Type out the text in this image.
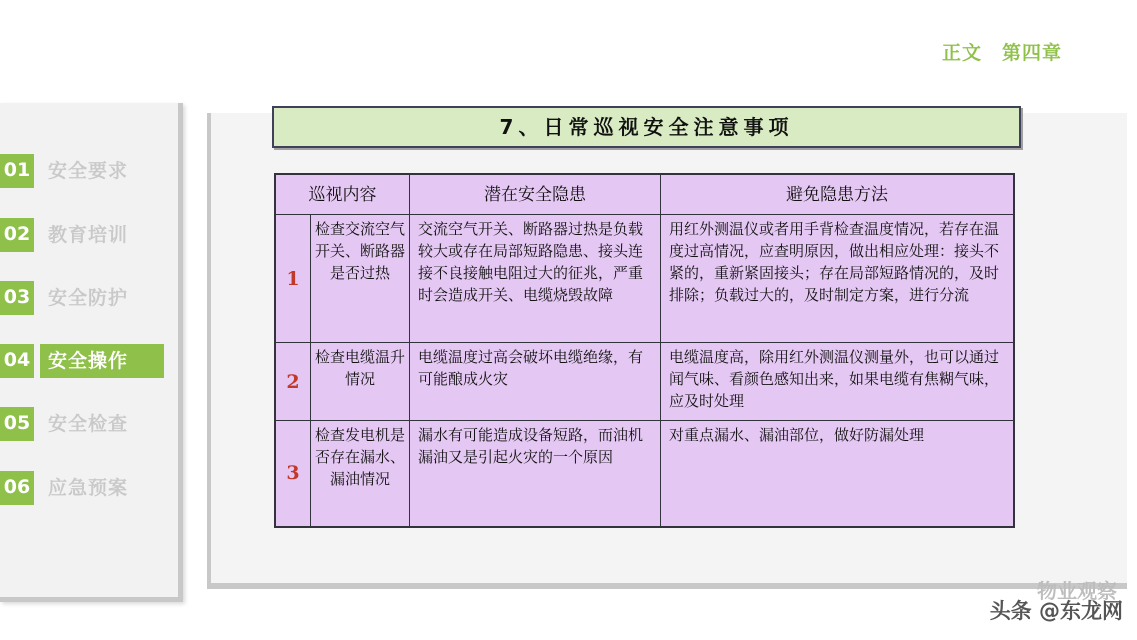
正文 第四章
01 安全要求
02 教育培训
03 安全防护
04 安全操作
05 安全检查
06 应急预案
7、日常巡视安全注意事项
巡视内容		潜在安全隐患	避免隐患方法
1	检查交流空气开关、断路器是否过热	交流空气开关、断路器过热是负载较大或存在局部短路隐患、接头连接不良接触电阻过大的征兆，严重时会造成开关、电缆烧毁故障	用红外测温仪或者用手背检查温度情况，若存在温度过高情况，应查明原因，做出相应处理：接头不紧的，重新紧固接头；存在局部短路情况的，及时排除；负载过大的，及时制定方案，进行分流
2	检查电缆温升情况	电缆温度过高会破坏电缆绝缘，有可能酿成火灾	电缆温度高，除用红外测温仪测量外，也可以通过闻气味、看颜色感知出来，如果电缆有焦糊气味，应及时处理
3	检查发电机是否存在漏水、漏油情况	漏水有可能造成设备短路，而油机漏油又是引起火灾的一个原因	对重点漏水、漏油部位，做好防漏处理
物业观察
头条 @东龙网
